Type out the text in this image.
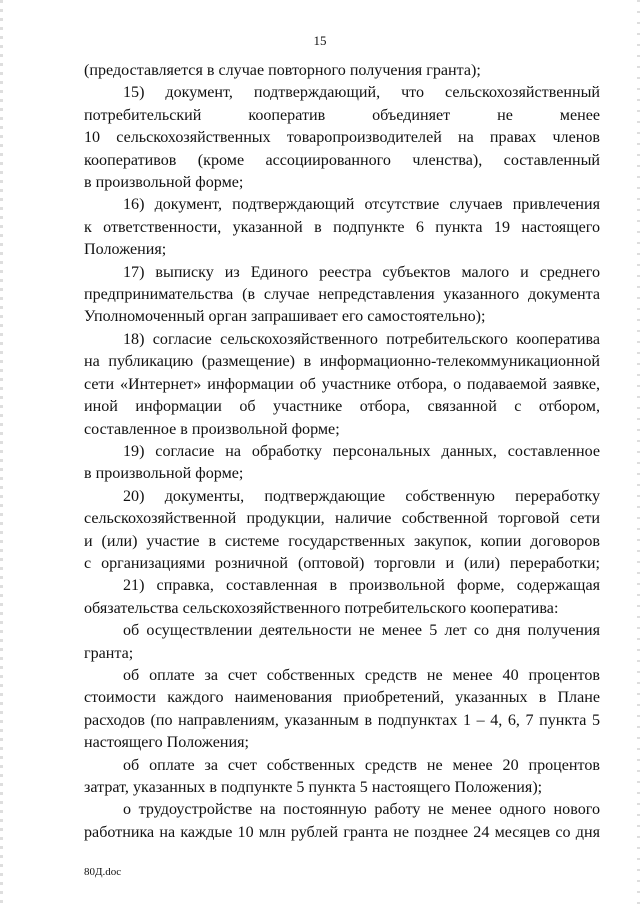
15
(предоставляется в случае повторного получения гранта);
15) документ, подтверждающий, что сельскохозяйственный
потребительский кооператив объединяет не менее
10 сельскохозяйственных товаропроизводителей на правах членов
кооперативов (кроме ассоциированного членства), составленный
в произвольной форме;
16) документ, подтверждающий отсутствие случаев привлечения
к ответственности, указанной в подпункте 6 пункта 19 настоящего
Положения;
17) выписку из Единого реестра субъектов малого и среднего
предпринимательства (в случае непредставления указанного документа
Уполномоченный орган запрашивает его самостоятельно);
18) согласие сельскохозяйственного потребительского кооператива
на публикацию (размещение) в информационно-телекоммуникационной
сети «Интернет» информации об участнике отбора, о подаваемой заявке,
иной информации об участнике отбора, связанной с отбором,
составленное в произвольной форме;
19) согласие на обработку персональных данных, составленное
в произвольной форме;
20) документы, подтверждающие собственную переработку
сельскохозяйственной продукции, наличие собственной торговой сети
и (или) участие в системе государственных закупок, копии договоров
с организациями розничной (оптовой) торговли и (или) переработки;
21) справка, составленная в произвольной форме, содержащая
обязательства сельскохозяйственного потребительского кооператива:
об осуществлении деятельности не менее 5 лет со дня получения
гранта;
об оплате за счет собственных средств не менее 40 процентов
стоимости каждого наименования приобретений, указанных в Плане
расходов (по направлениям, указанным в подпунктах 1 – 4, 6, 7 пункта 5
настоящего Положения;
об оплате за счет собственных средств не менее 20 процентов
затрат, указанных в подпункте 5 пункта 5 настоящего Положения);
о трудоустройстве на постоянную работу не менее одного нового
работника на каждые 10 млн рублей гранта не позднее 24 месяцев со дня
80Д.doc
